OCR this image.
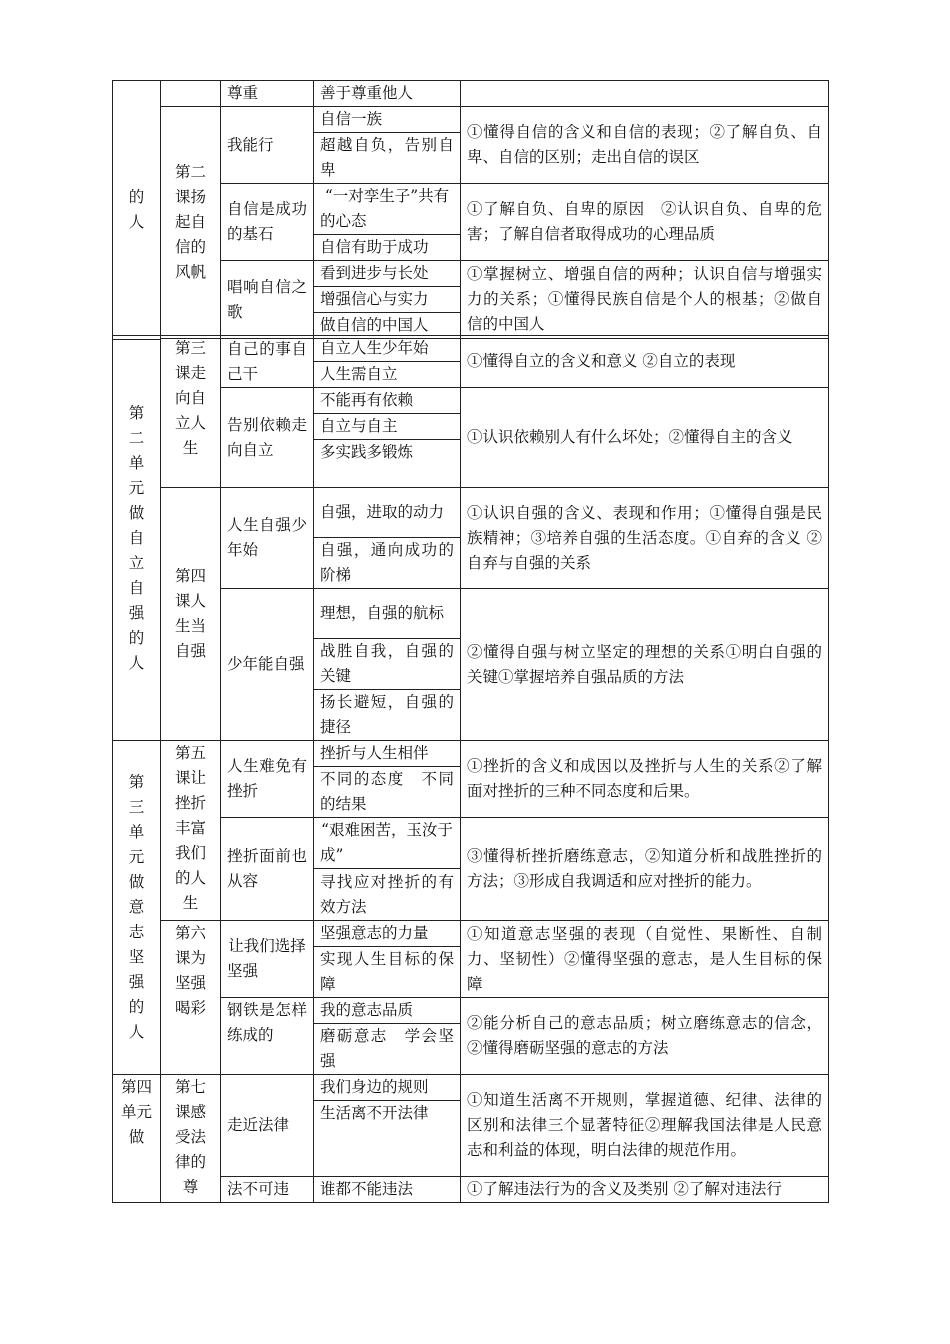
的人		尊重	善于尊重他人	

	第二课扬起自信的风帆	我能行	自信一族	①懂得自信的含义和自信的表现；②了解自负、自卑、自信的区别；走出自信的误区
			超越自负，告别自卑	
		自信是成功的基石	“一对孪生子”共有的心态	①了解自负、自卑的原因　②认识自负、自卑的危害；了解自信者取得成功的心理品质
			自信有助于成功	
		唱响自信之歌	看到进步与长处	①掌握树立、增强自信的两种；认识自信与增强实力的关系；①懂得民族自信是个人的根基；②做自信的中国人
			增强信心与实力	
			做自信的中国人	

第二单元做自立自强的人	第三课走向自立人生	自己的事自己干	自立人生少年始	①懂得自立的含义和意义 ②自立的表现
			人生需自立	
		告别依赖走向自立	不能再有依赖	①认识依赖别人有什么坏处；②懂得自主的含义
			自立与自主	
			多实践多锻炼	

	第四课人生当自强	人生自强少年始	自强，进取的动力	①认识自强的含义、表现和作用；①懂得自强是民族精神；③培养自强的生活态度。①自弃的含义 ②自弃与自强的关系
			自强，通向成功的阶梯	
		少年能自强	理想，自强的航标	②懂得自强与树立坚定的理想的关系①明白自强的关键①掌握培养自强品质的方法
			战胜自我，自强的关键	
			扬长避短，自强的捷径	

第三单元做意志坚强的人	第五课让挫折丰富我们的人生	人生难免有挫折	挫折与人生相伴	①挫折的含义和成因以及挫折与人生的关系②了解面对挫折的三种不同态度和后果。
			不同的态度　不同的结果	
		挫折面前也从容	“艰难困苦，玉汝于成”	③懂得析挫折磨练意志，②知道分析和战胜挫折的方法；③形成自我调适和应对挫折的能力。
			寻找应对挫折的有效方法	

	第六课为坚强喝彩	让我们选择坚强	坚强意志的力量	①知道意志坚强的表现（自觉性、果断性、自制力、坚韧性）②懂得坚强的意志，是人生目标的保障
			实现人生目标的保障	
		钢铁是怎样练成的	我的意志品质	②能分析自己的意志品质；树立磨练意志的信念，②懂得磨砺坚强的意志的方法
			磨砺意志　学会坚强	

第四单元做	第七课感受法律的尊	走近法律	我们身边的规则	①知道生活离不开规则，掌握道德、纪律、法律的区别和法律三个显著特征②理解我国法律是人民意志和利益的体现，明白法律的规范作用。
			生活离不开法律	
		法不可违	谁都不能违法	①了解违法行为的含义及类别 ②了解对违法行
